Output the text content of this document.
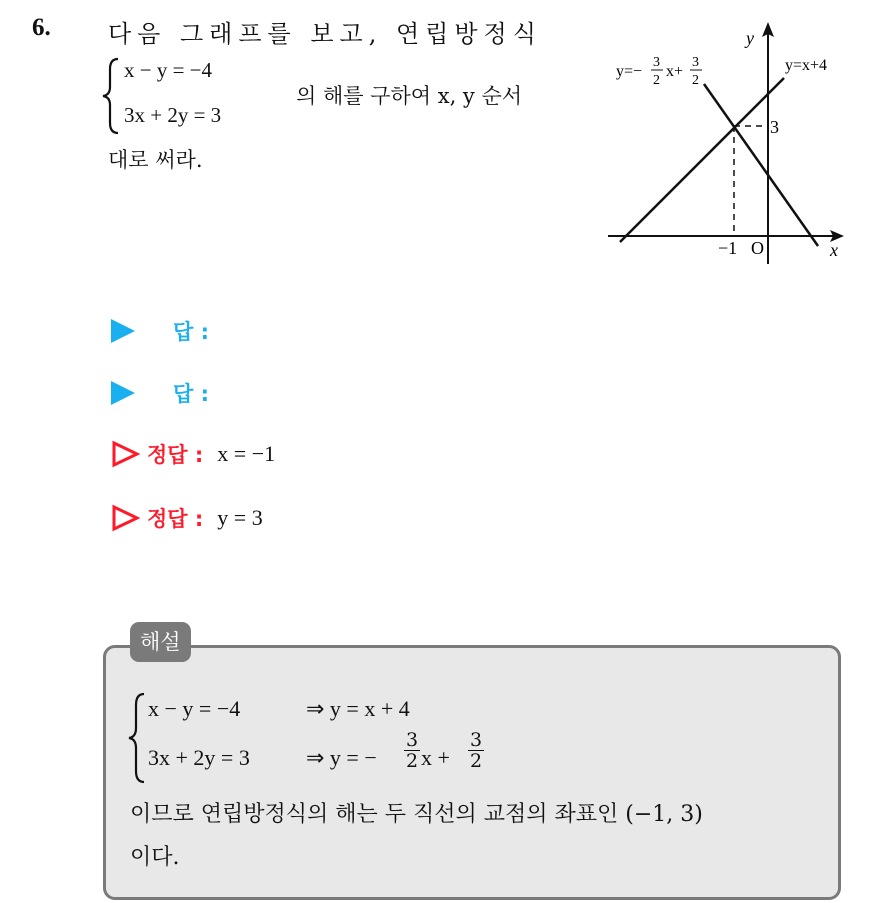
6. 다음 그래프를 보고, 연립방정식
x − y = −4
3x + 2y = 3
의 해를 구하여 x, y 순서
대로 써라.
y
x
O
−1
3
y=x+4
y=−
3
2
x+
3
2
답 :
답 :
정답 : x = −1
정답 : y = 3
해설
x − y = −4	⇒ y = x + 4
3x + 2y = 3	⇒ y = − $\frac{3}{2}$ $x + \frac{3}{2}$
이므로 연립방정식의 해는 두 직선의 교점의 좌표인 (−1, 3)
이다.
